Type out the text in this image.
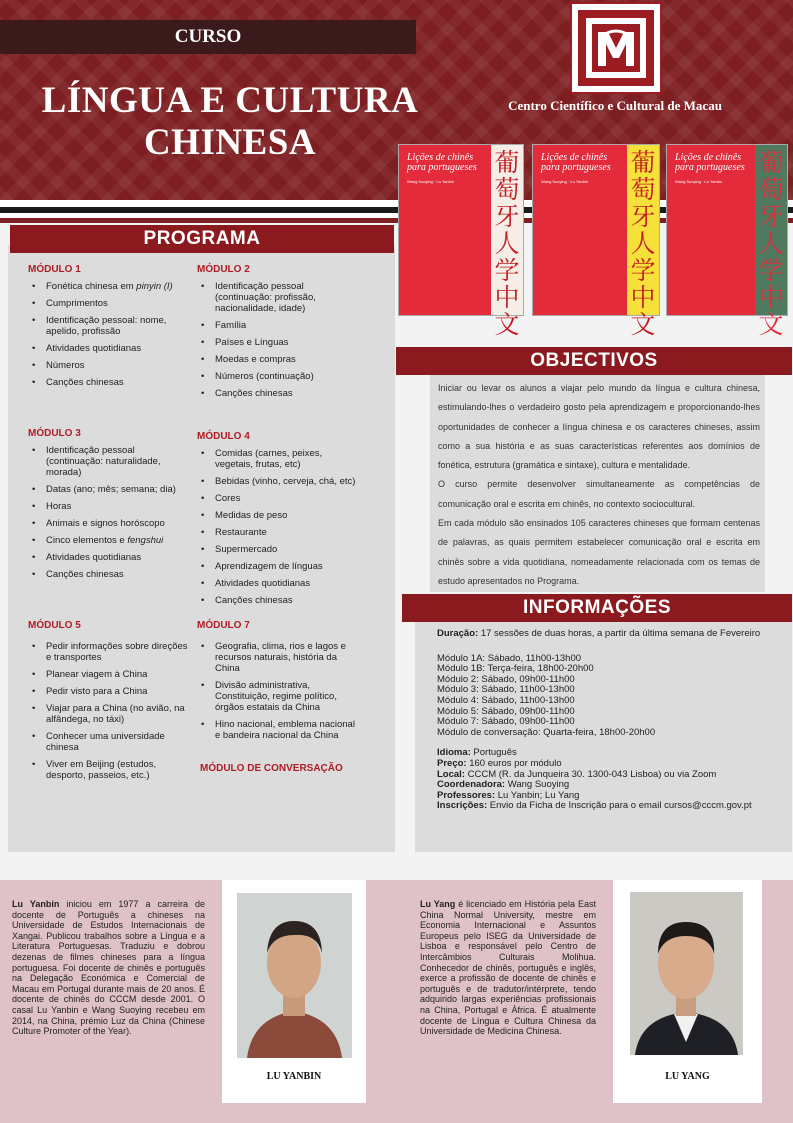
CURSO
LÍNGUA E CULTURA
CHINESA
Centro Científico e Cultural de Macau
Lições de chinês
para portugueses
Wang Suoying · Lu Yanbin
葡萄牙人学中文
Lições de chinês
para portugueses
Wang Suoying · Lu Yanbin
葡萄牙人学中文
Lições de chinês
para portugueses
Wang Suoying · Lu Yanbin
葡萄牙人学中文
PROGRAMA
MÓDULO 1
• Fonética chinesa em pinyin (I)
• Cumprimentos
• Identificação pessoal: nome, apelido, profissão
• Atividades quotidianas
• Números
• Canções chinesas
MÓDULO 2
• Identificação pessoal (continuação: profissão, nacionalidade, idade)
• Família
• Países e Línguas
• Moedas e compras
• Números (continuação)
• Canções chinesas
MÓDULO 3
• Identificação pessoal (continuação: naturalidade, morada)
• Datas (ano; mês; semana; dia)
• Horas
• Animais e signos horóscopo
• Cinco elementos e fengshui
• Atividades quotidianas
• Canções chinesas
MÓDULO 4
• Comidas (carnes, peixes, vegetais, frutas, etc)
• Bebidas (vinho, cerveja, chá, etc)
• Cores
• Medidas de peso
• Restaurante
• Supermercado
• Aprendizagem de línguas
• Atividades quotidianas
• Canções chinesas
MÓDULO 5
• Pedir informações sobre direções e transportes
• Planear viagem à China
• Pedir visto para a China
• Viajar para a China (no avião, na alfândega, no táxi)
• Conhecer uma universidade chinesa
• Viver em Beijing (estudos, desporto, passeios, etc.)
MÓDULO 7
• Geografia, clima, rios e lagos e recursos naturais, história da China
• Divisão administrativa, Constituição, regime político, órgãos estatais da China
• Hino nacional, emblema nacional e bandeira nacional da China
MÓDULO DE CONVERSAÇÃO
OBJECTIVOS
Iniciar ou levar os alunos a viajar pelo mundo da língua e cultura chinesa, estimulando-lhes o verdadeiro gosto pela aprendizagem e proporcionando-lhes oportunidades de conhecer a língua chinesa e os caracteres chineses, assim como a sua história e as suas características referentes aos domínios de fonética, estrutura (gramática e sintaxe), cultura e mentalidade.
O curso permite desenvolver simultaneamente as competências de comunicação oral e escrita em chinês, no contexto sociocultural.
Em cada módulo são ensinados 105 caracteres chineses que formam centenas de palavras, as quais permitem estabelecer comunicação oral e escrita em chinês sobre a vida quotidiana, nomeadamente relacionada com os temas de estudo apresentados no Programa.
INFORMAÇÕES
Duração: 17 sessões de duas horas, a partir da última semana de Fevereiro
Módulo 1A: Sábado, 11h00-13h00
Módulo 1B: Terça-feira, 18h00-20h00
Módulo 2: Sábado, 09h00-11h00
Módulo 3: Sábado, 11h00-13h00
Módulo 4: Sábado, 11h00-13h00
Módulo 5: Sábado, 09h00-11h00
Módulo 7: Sábado, 09h00-11h00
Módulo de conversação: Quarta-feira, 18h00-20h00
Idioma: Português
Preço: 160 euros por módulo
Local: CCCM (R. da Junqueira 30. 1300-043 Lisboa) ou via Zoom
Coordenadora: Wang Suoying
Professores: Lu Yanbin; Lu Yang
Inscrições: Envio da Ficha de Inscrição para o email cursos@cccm.gov.pt
Lu Yanbin iniciou em 1977 a carreira de docente de Português a chineses na Universidade de Estudos Internacionais de Xangai. Publicou trabalhos sobre a Língua e a Literatura Portuguesas. Traduziu e dobrou dezenas de filmes chineses para a língua portuguesa. Foi docente de chinês e português na Delegação Económica e Comercial de Macau em Portugal durante mais de 20 anos. É docente de chinês do CCCM desde 2001. O casal Lu Yanbin e Wang Suoying recebeu em 2014, na China, prémio Luz da China (Chinese Culture Promoter of the Year).
LU YANBIN
Lu Yang é licenciado em História pela East China Normal University, mestre em Economia Internacional e Assuntos Europeus pelo ISEG da Universidade de Lisboa e responsável pelo Centro de Intercâmbios Culturais Molihua. Conhecedor de chinês, português e inglês, exerce a profissão de docente de chinês e português e de tradutor/intérprete, tendo adquirido largas experiências profissionais na China, Portugal e África. É atualmente docente de Língua e Cultura Chinesa da Universidade de Medicina Chinesa.
LU YANG
